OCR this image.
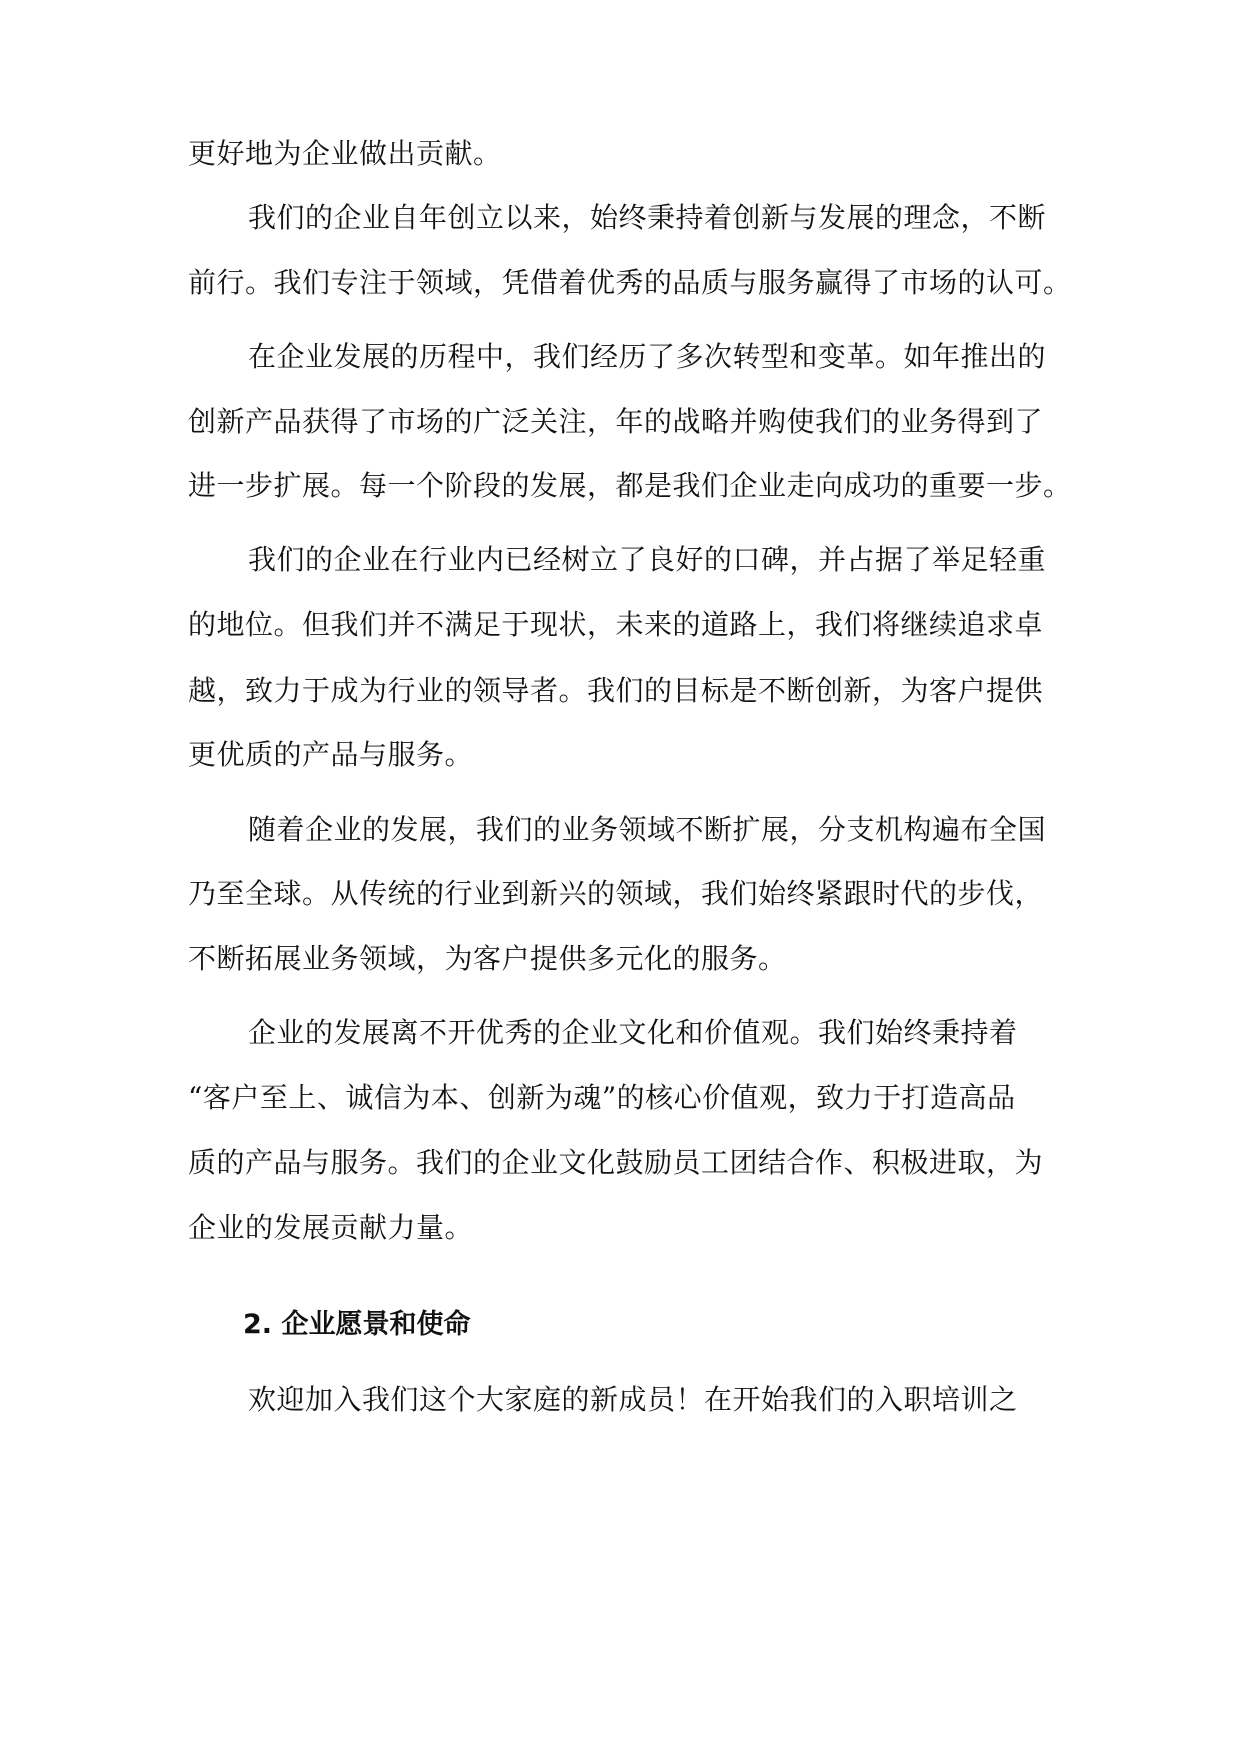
更好地为企业做出贡献。
我们的企业自年创立以来，始终秉持着创新与发展的理念，不断
前行。我们专注于领域，凭借着优秀的品质与服务赢得了市场的认可。
在企业发展的历程中，我们经历了多次转型和变革。如年推出的
创新产品获得了市场的广泛关注，年的战略并购使我们的业务得到了
进一步扩展。每一个阶段的发展，都是我们企业走向成功的重要一步。
我们的企业在行业内已经树立了良好的口碑，并占据了举足轻重
的地位。但我们并不满足于现状，未来的道路上，我们将继续追求卓
越，致力于成为行业的领导者。我们的目标是不断创新，为客户提供
更优质的产品与服务。
随着企业的发展，我们的业务领域不断扩展，分支机构遍布全国
乃至全球。从传统的行业到新兴的领域，我们始终紧跟时代的步伐，
不断拓展业务领域，为客户提供多元化的服务。
企业的发展离不开优秀的企业文化和价值观。我们始终秉持着
“客户至上、诚信为本、创新为魂”的核心价值观，致力于打造高品
质的产品与服务。我们的企业文化鼓励员工团结合作、积极进取，为
企业的发展贡献力量。
2. 企业愿景和使命
欢迎加入我们这个大家庭的新成员！在开始我们的入职培训之
